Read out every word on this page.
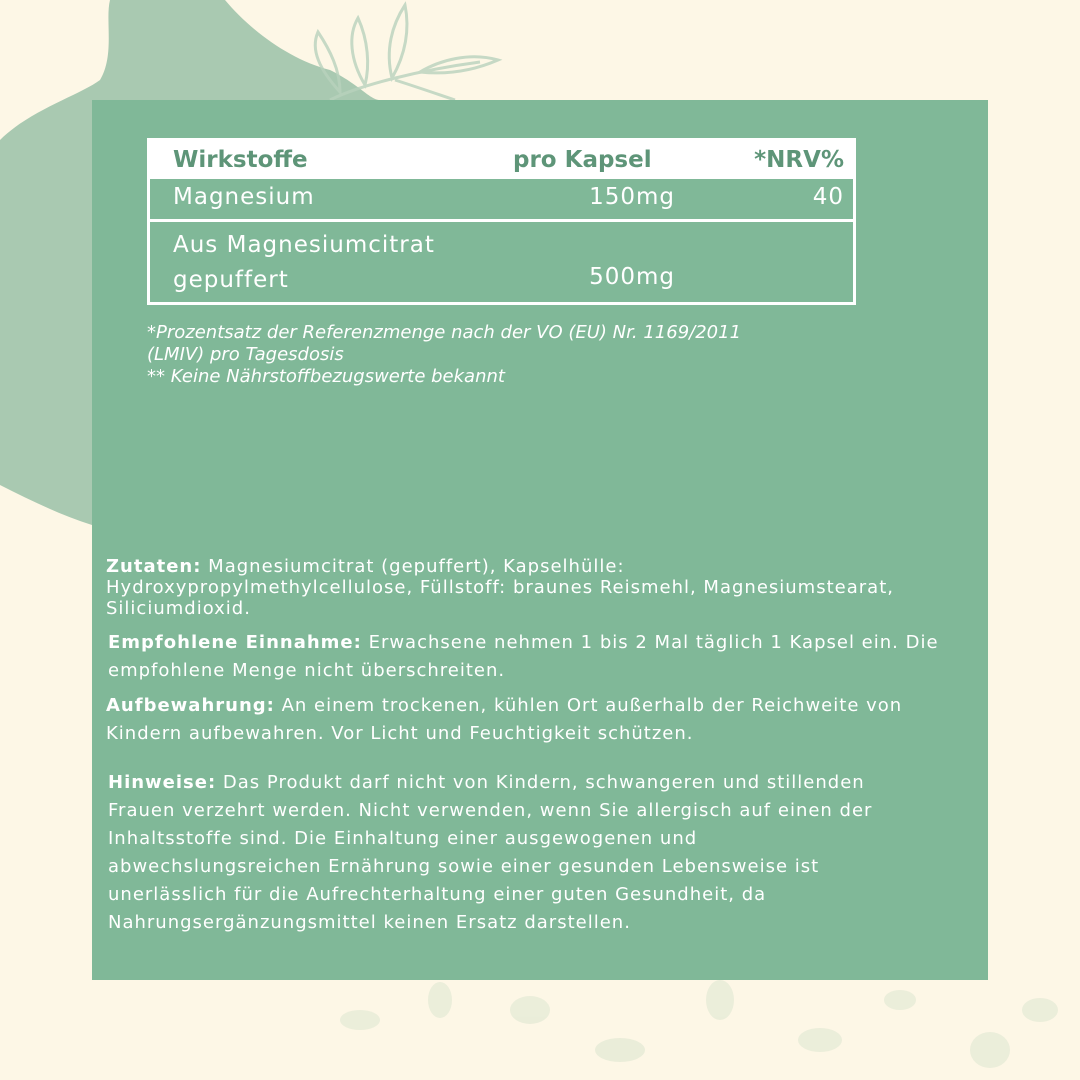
Wirkstoffe	pro Kapsel	*NRV%
Magnesium	150mg	40
Aus Magnesiumcitrat
gepuffert	500mg
*Prozentsatz der Referenzmenge nach der VO (EU) Nr. 1169/2011
(LMIV) pro Tagesdosis
** Keine Nährstoffbezugswerte bekannt
Zutaten: Magnesiumcitrat (gepuffert), Kapselhülle:
Hydroxypropylmethylcellulose, Füllstoff: braunes Reismehl, Magnesiumstearat,
Siliciumdioxid.
Empfohlene Einnahme: Erwachsene nehmen 1 bis 2 Mal täglich 1 Kapsel ein. Die
empfohlene Menge nicht überschreiten.
Aufbewahrung: An einem trockenen, kühlen Ort außerhalb der Reichweite von
Kindern aufbewahren. Vor Licht und Feuchtigkeit schützen.
Hinweise: Das Produkt darf nicht von Kindern, schwangeren und stillenden
Frauen verzehrt werden. Nicht verwenden, wenn Sie allergisch auf einen der
Inhaltsstoffe sind. Die Einhaltung einer ausgewogenen und
abwechslungsreichen Ernährung sowie einer gesunden Lebensweise ist
unerlässlich für die Aufrechterhaltung einer guten Gesundheit, da
Nahrungsergänzungsmittel keinen Ersatz darstellen.
